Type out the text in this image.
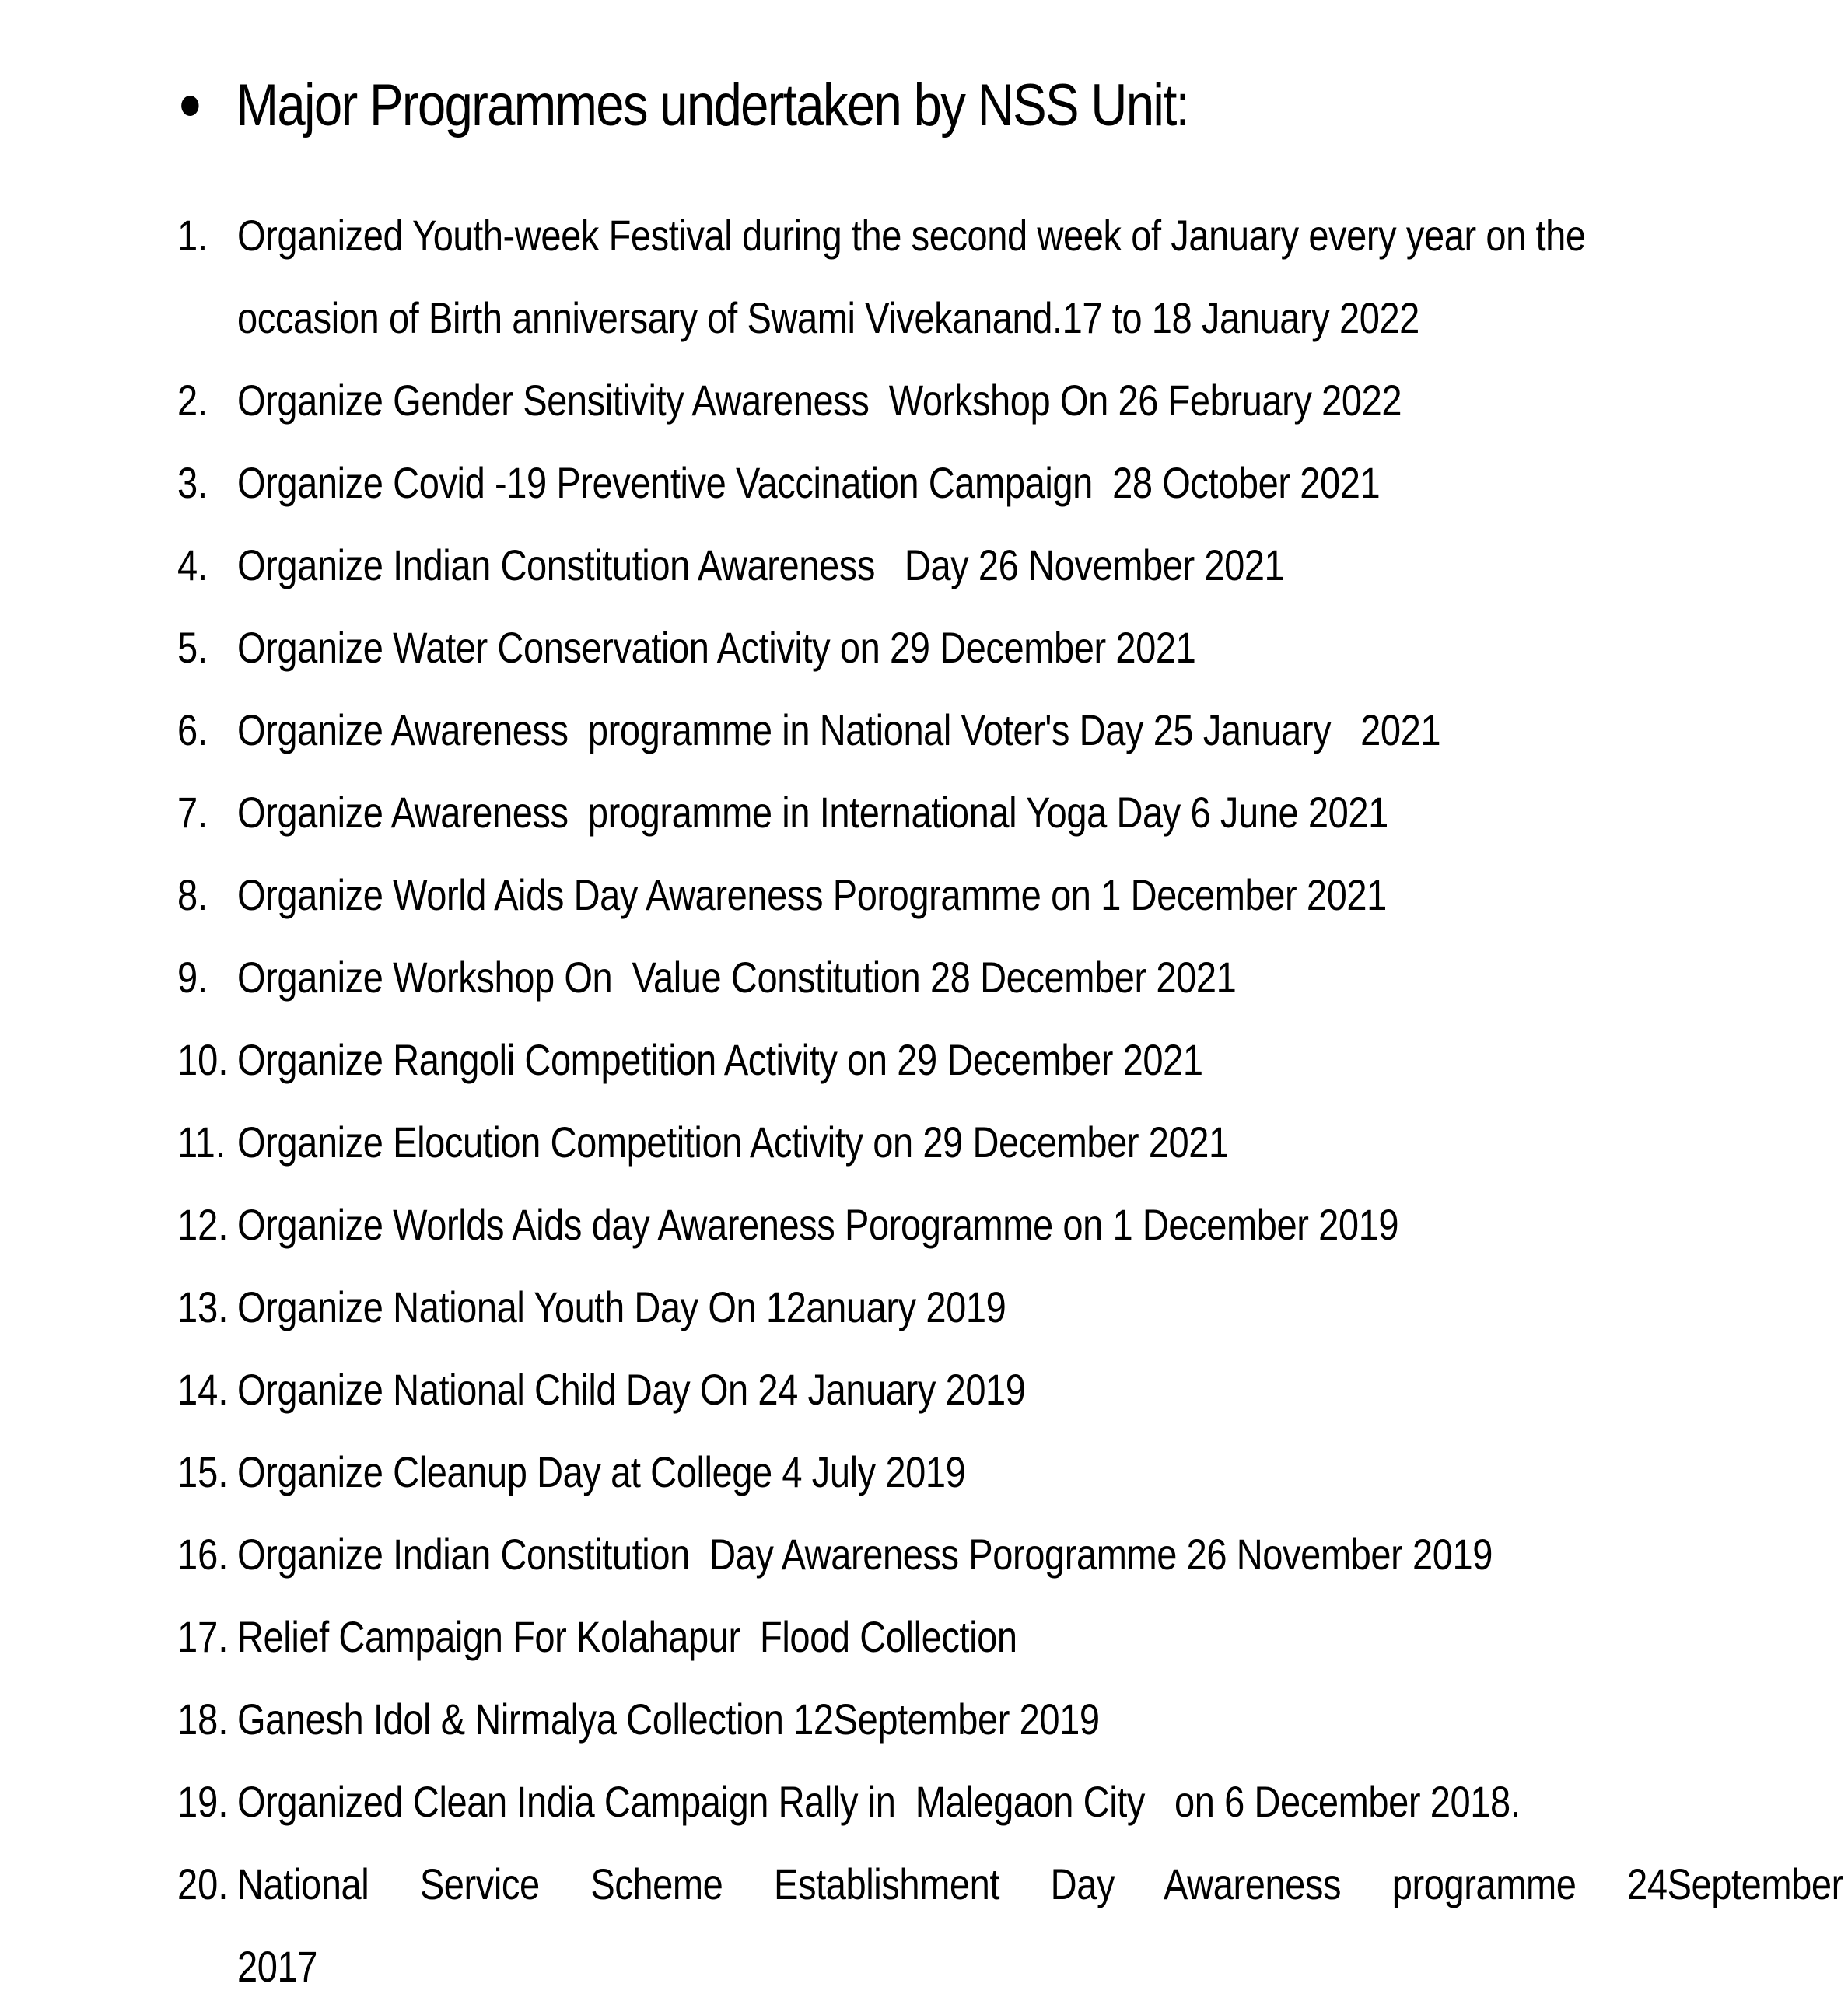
Major Programmes undertaken by NSS Unit:
1. Organized Youth-week Festival during the second week of January every year on the
occasion of Birth anniversary of Swami Vivekanand.17 to 18 January 2022
2. Organize Gender Sensitivity Awareness  Workshop On 26 February 2022
3. Organize Covid -19 Preventive Vaccination Campaign  28 October 2021
4. Organize Indian Constitution Awareness   Day 26 November 2021
5. Organize Water Conservation Activity on 29 December 2021
6. Organize Awareness  programme in National Voter's Day 25 January   2021
7. Organize Awareness  programme in International Yoga Day 6 June 2021
8. Organize World Aids Day Awareness Porogramme on 1 December 2021
9. Organize Workshop On  Value Constitution 28 December 2021
10. Organize Rangoli Competition Activity on 29 December 2021
11. Organize Elocution Competition Activity on 29 December 2021
12. Organize Worlds Aids day Awareness Porogramme on 1 December 2019
13. Organize National Youth Day On 12anuary 2019
14. Organize National Child Day On 24 January 2019
15. Organize Cleanup Day at College 4 July 2019
16. Organize Indian Constitution  Day Awareness Porogramme 26 November 2019
17. Relief Campaign For Kolahapur  Flood Collection
18. Ganesh Idol & Nirmalya Collection 12September 2019
19. Organized Clean India Campaign Rally in  Malegaon City   on 6 December 2018.
20. National  Service  Scheme  Establishment  Day  Awareness  programme  24September
2017
